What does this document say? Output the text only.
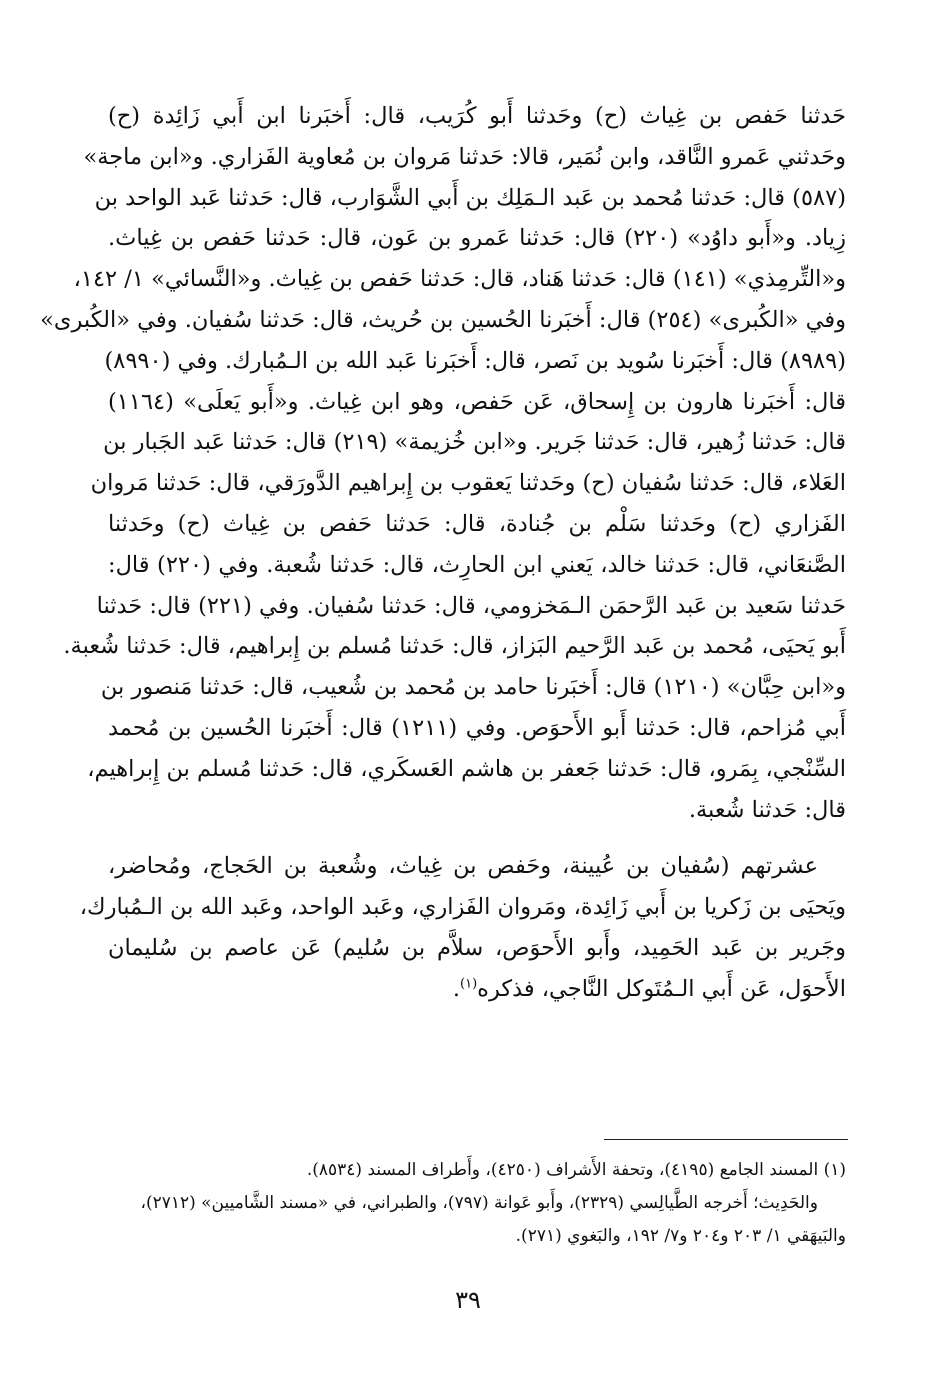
حَدثنا حَفص بن غِياث (ح) وحَدثنا أَبو كُرَيب، قال: أَخبَرنا ابن أَبي زَائِدة (ح)
وحَدثني عَمرو النَّاقد، وابن نُمَير، قالا: حَدثنا مَروان بن مُعاوية الفَزاري. و«ابن ماجة»
(٥٨٧) قال: حَدثنا مُحمد بن عَبد الـمَلِك بن أَبي الشَّوَارب، قال: حَدثنا عَبد الواحد بن
زِياد. و«أَبو داوُد» (٢٢٠) قال: حَدثنا عَمرو بن عَون، قال: حَدثنا حَفص بن غِياث.
و«التِّرمِذي» (١٤١) قال: حَدثنا هَناد، قال: حَدثنا حَفص بن غِياث. و«النَّسائي» ١/ ١٤٢،
وفي «الكُبرى» (٢٥٤) قال: أَخبَرنا الحُسين بن حُريث، قال: حَدثنا سُفيان. وفي «الكُبرى»
(٨٩٨٩) قال: أَخبَرنا سُويد بن نَصر، قال: أَخبَرنا عَبد الله بن الـمُبارك. وفي (٨٩٩٠)
قال: أَخبَرنا هارون بن إِسحاق، عَن حَفص، وهو ابن غِياث. و«أَبو يَعلَى» (١١٦٤)
قال: حَدثنا زُهير، قال: حَدثنا جَرير. و«ابن خُزيمة» (٢١٩) قال: حَدثنا عَبد الجَبار بن
العَلاء، قال: حَدثنا سُفيان (ح) وحَدثنا يَعقوب بن إِبراهيم الدَّورَقي، قال: حَدثنا مَروان
الفَزاري (ح) وحَدثنا سَلْم بن جُنادة، قال: حَدثنا حَفص بن غِياث (ح) وحَدثنا
الصَّنعَاني، قال: حَدثنا خالد، يَعني ابن الحارِث، قال: حَدثنا شُعبة. وفي (٢٢٠) قال:
حَدثنا سَعيد بن عَبد الرَّحمَن الـمَخزومي، قال: حَدثنا سُفيان. وفي (٢٢١) قال: حَدثنا
أَبو يَحيَى، مُحمد بن عَبد الرَّحيم البَزاز، قال: حَدثنا مُسلم بن إِبراهيم، قال: حَدثنا شُعبة.
و«ابن حِبَّان» (١٢١٠) قال: أَخبَرنا حامد بن مُحمد بن شُعيب، قال: حَدثنا مَنصور بن
أَبي مُزاحم، قال: حَدثنا أَبو الأَحوَص. وفي (١٢١١) قال: أَخبَرنا الحُسين بن مُحمد
السِّنْجي، بِمَرو، قال: حَدثنا جَعفر بن هاشم العَسكَري، قال: حَدثنا مُسلم بن إِبراهيم،
قال: حَدثنا شُعبة.
عشرتهم (سُفيان بن عُيينة، وحَفص بن غِياث، وشُعبة بن الحَجاج، ومُحاضر،
ويَحيَى بن زَكريا بن أَبي زَائِدة، ومَروان الفَزاري، وعَبد الواحد، وعَبد الله بن الـمُبارك،
وجَرير بن عَبد الحَمِيد، وأَبو الأَحوَص، سلاَّم بن سُليم) عَن عاصم بن سُليمان
الأَحوَل، عَن أَبي الـمُتَوكل النَّاجي، فذكره$^{(١)}$.
(١) المسند الجامع (٤١٩٥)، وتحفة الأَشراف (٤٢٥٠)، وأَطراف المسند (٨٥٣٤).
والحَدِيث؛ أَخرجه الطَّيالِسي (٢٣٢٩)، وأَبو عَوانة (٧٩٧)، والطبراني، في «مسند الشَّاميين» (٢٧١٢)،
والبَيهَقي ١/ ٢٠٣ و٢٠٤ و٧/ ١٩٢، والبَغوي (٢٧١).
٣٩
